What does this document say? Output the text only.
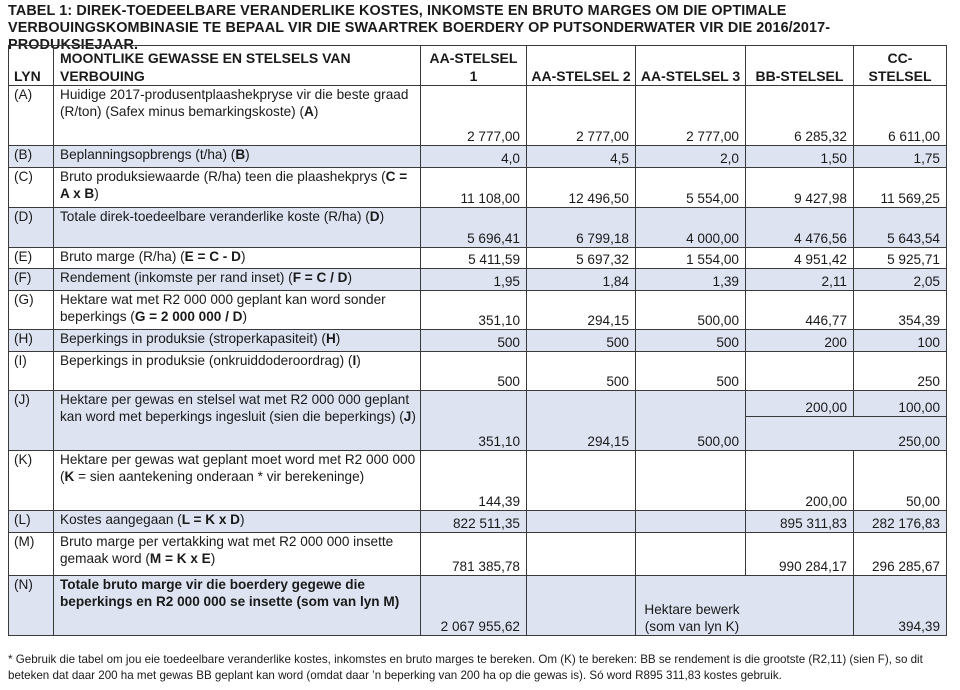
TABEL 1: DIREK-TOEDEELBARE VERANDERLIKE KOSTES, INKOMSTE EN BRUTO MARGES OM DIE OPTIMALE VERBOUINGSKOMBINASIE TE BEPAAL VIR DIE SWAARTREK BOERDERY OP PUTSONDERWATER VIR DIE 2016/2017-PRODUKSIEJAAR.
LYN	MOONTLIKE GEWASSE EN STELSELS VAN VERBOUING	AA-STELSEL 1	AA-STELSEL 2	AA-STELSEL 3	BB-STELSEL	CC-STELSEL
(A)	Huidige 2017-produsentplaashekpryse vir die beste graad (R/ton) (Safex minus bemarkingskoste) (A)	2 777,00	2 777,00	2 777,00	6 285,32	6 611,00
(B)	Beplanningsopbrengs (t/ha) (B)	4,0	4,5	2,0	1,50	1,75
(C)	Bruto produksiewaarde (R/ha) teen die plaashekprys (C = A x B)	11 108,00	12 496,50	5 554,00	9 427,98	11 569,25
(D)	Totale direk-toedeelbare veranderlike koste (R/ha) (D)	5 696,41	6 799,18	4 000,00	4 476,56	5 643,54
(E)	Bruto marge (R/ha) (E = C - D)	5 411,59	5 697,32	1 554,00	4 951,42	5 925,71
(F)	Rendement (inkomste per rand inset) (F = C / D)	1,95	1,84	1,39	2,11	2,05
(G)	Hektare wat met R2 000 000 geplant kan word sonder beperkings (G = 2 000 000 / D)	351,10	294,15	500,00	446,77	354,39
(H)	Beperkings in produksie (stroperkapasiteit) (H)	500	500	500	200	100
(I)	Beperkings in produksie (onkruiddoderoordrag) (I)	500	500	500		250
(J)	Hektare per gewas en stelsel wat met R2 000 000 geplant kan word met beperkings ingesluit (sien die beperkings) (J)	351,10	294,15	500,00	200,00	100,00
					250,00	
(K)	Hektare per gewas wat geplant moet word met R2 000 000 (K = sien aantekening onderaan * vir berekeninge)	144,39			200,00	50,00
(L)	Kostes aangegaan (L = K x D)	822 511,35			895 311,83	282 176,83
(M)	Bruto marge per vertakking wat met R2 000 000 insette gemaak word (M = K x E)	781 385,78			990 284,17	296 285,67
(N)	Totale bruto marge vir die boerdery gegewe die beperkings en R2 000 000 se insette (som van lyn M)	2 067 955,62		Hektare bewerk (som van lyn K)		394,39
* Gebruik die tabel om jou eie toedeelbare veranderlike kostes, inkomstes en bruto marges te bereken. Om (K) te bereken: BB se rendement is die grootste (R2,11) (sien F), so dit beteken dat daar 200 ha met gewas BB geplant kan word (omdat daar ’n beperking van 200 ha op die gewas is). Só word R895 311,83 kostes gebruik.
